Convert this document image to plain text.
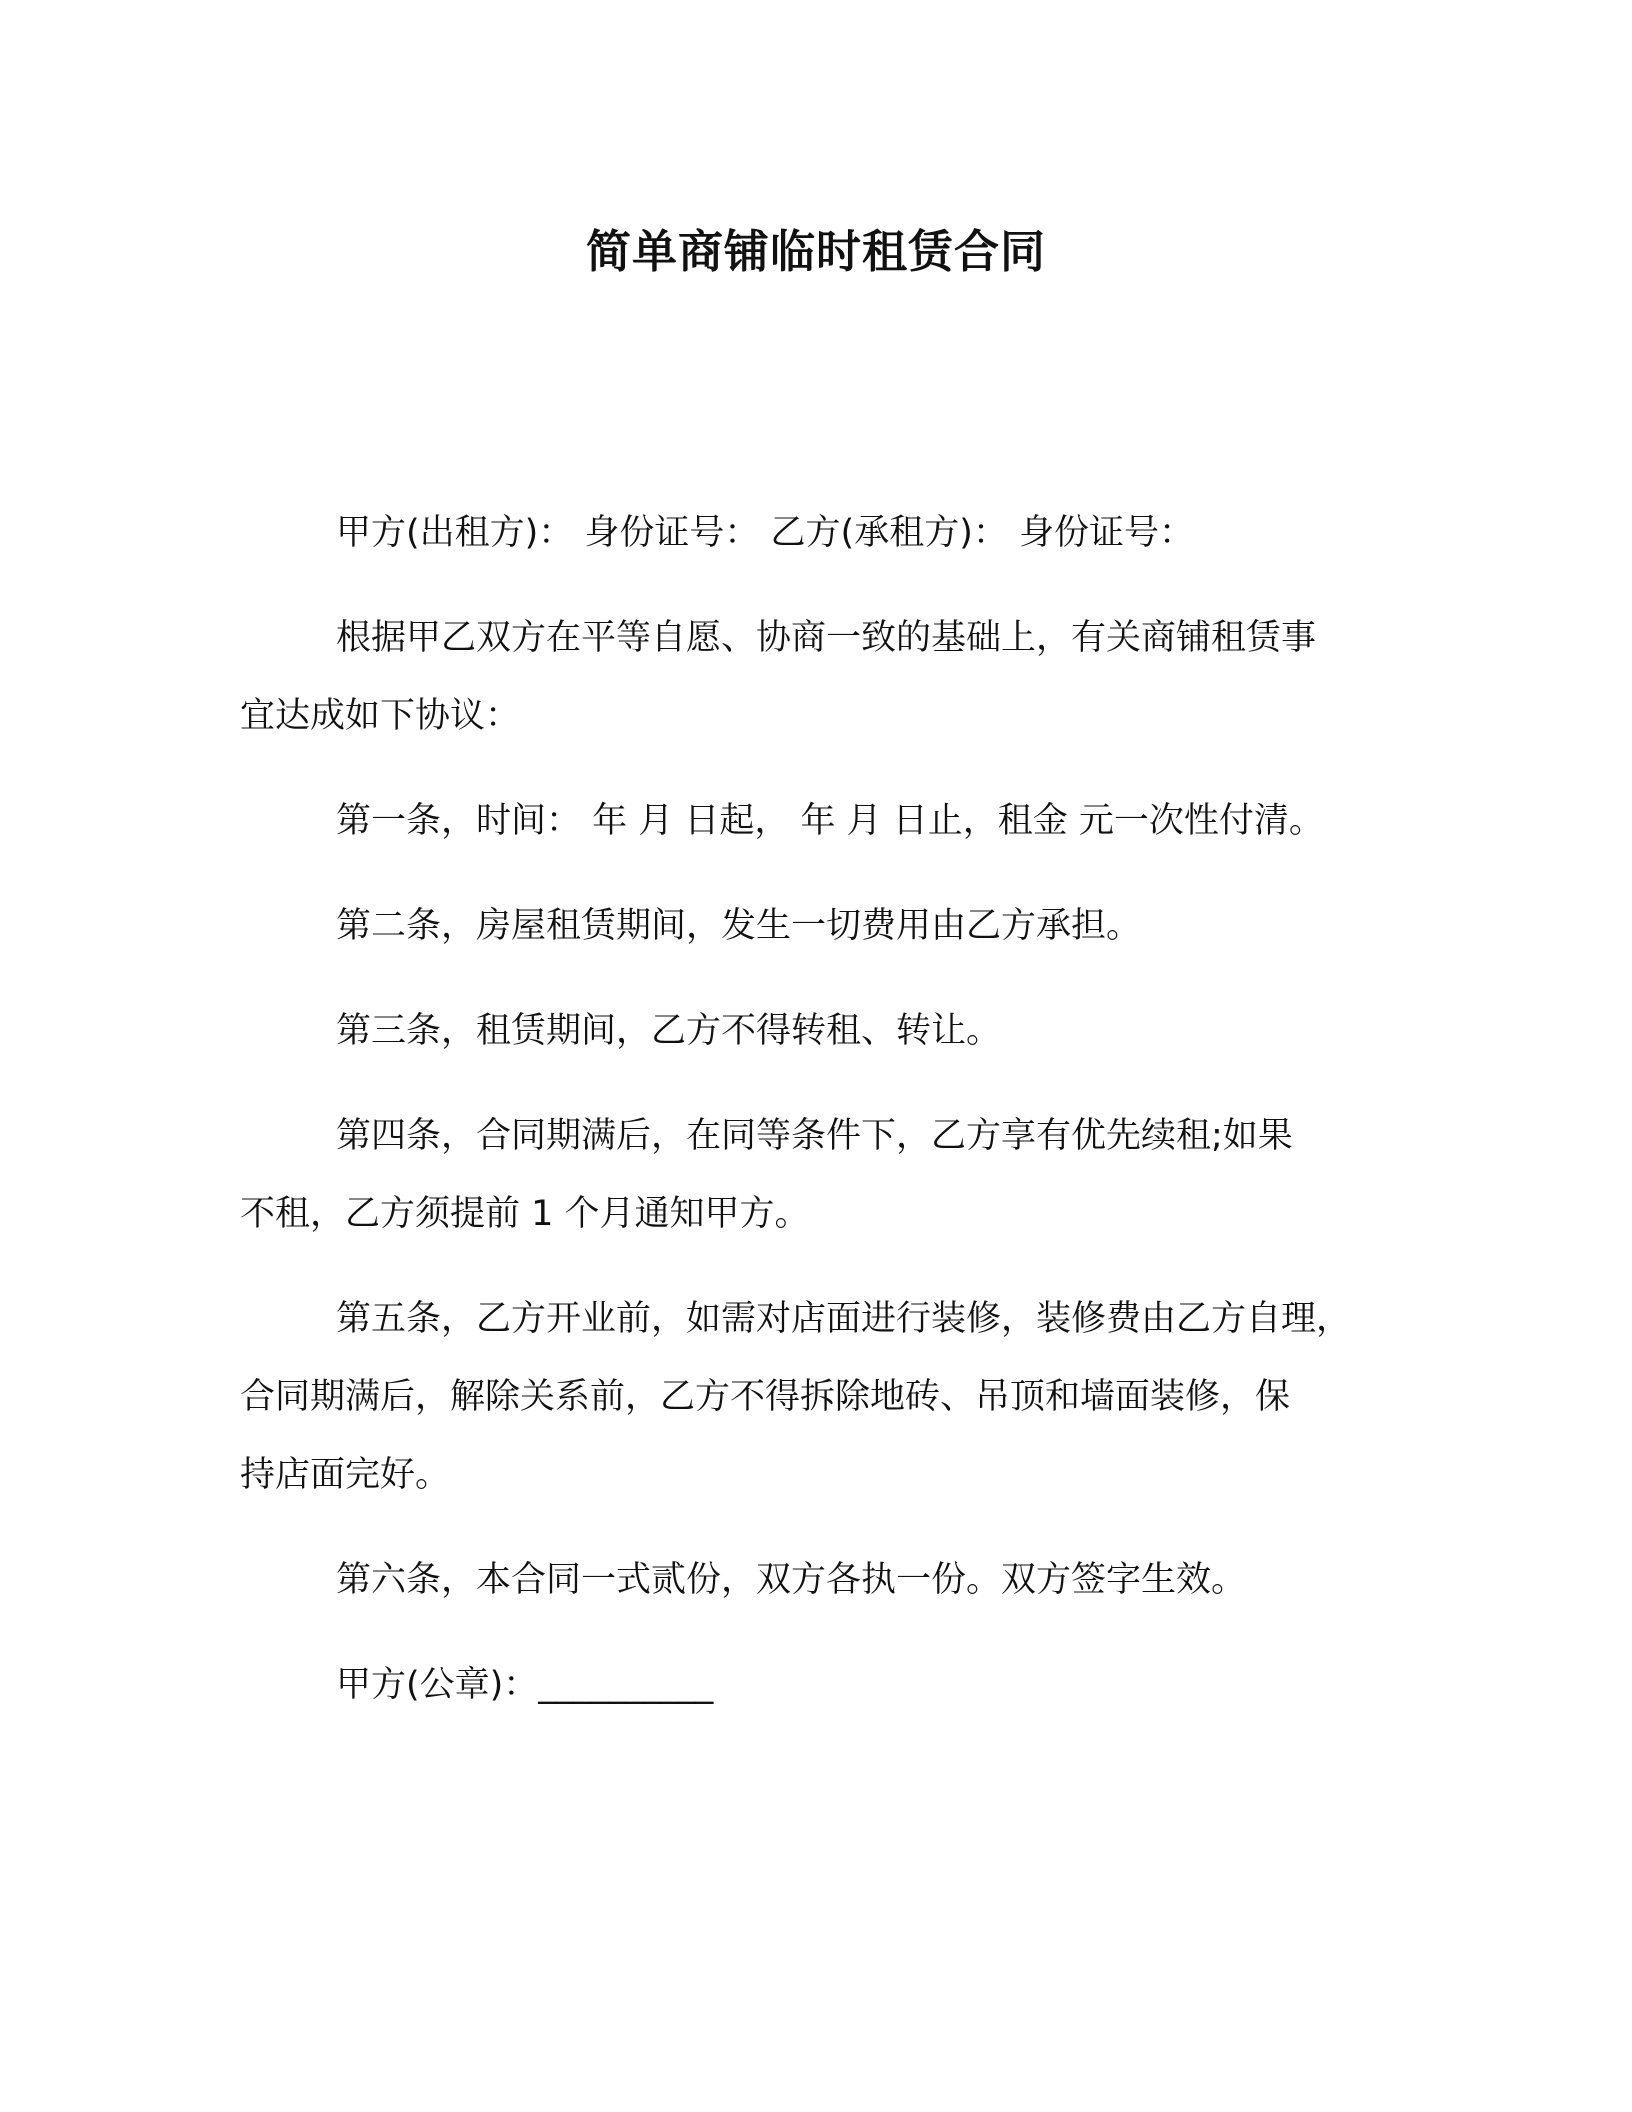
简单商铺临时租赁合同

甲方(出租方)： 身份证号： 乙方(承租方)： 身份证号：

根据甲乙双方在平等自愿、协商一致的基础上，有关商铺租赁事
宜达成如下协议：

第一条，时间： 年 月 日起， 年 月 日止，租金 元一次性付清。

第二条，房屋租赁期间，发生一切费用由乙方承担。

第三条，租赁期间，乙方不得转租、转让。

第四条，合同期满后，在同等条件下，乙方享有优先续租;如果
不租，乙方须提前 1 个月通知甲方。

第五条，乙方开业前，如需对店面进行装修，装修费由乙方自理，
合同期满后，解除关系前，乙方不得拆除地砖、吊顶和墙面装修，保
持店面完好。

第六条，本合同一式贰份，双方各执一份。双方签字生效。

甲方(公章)：__________
